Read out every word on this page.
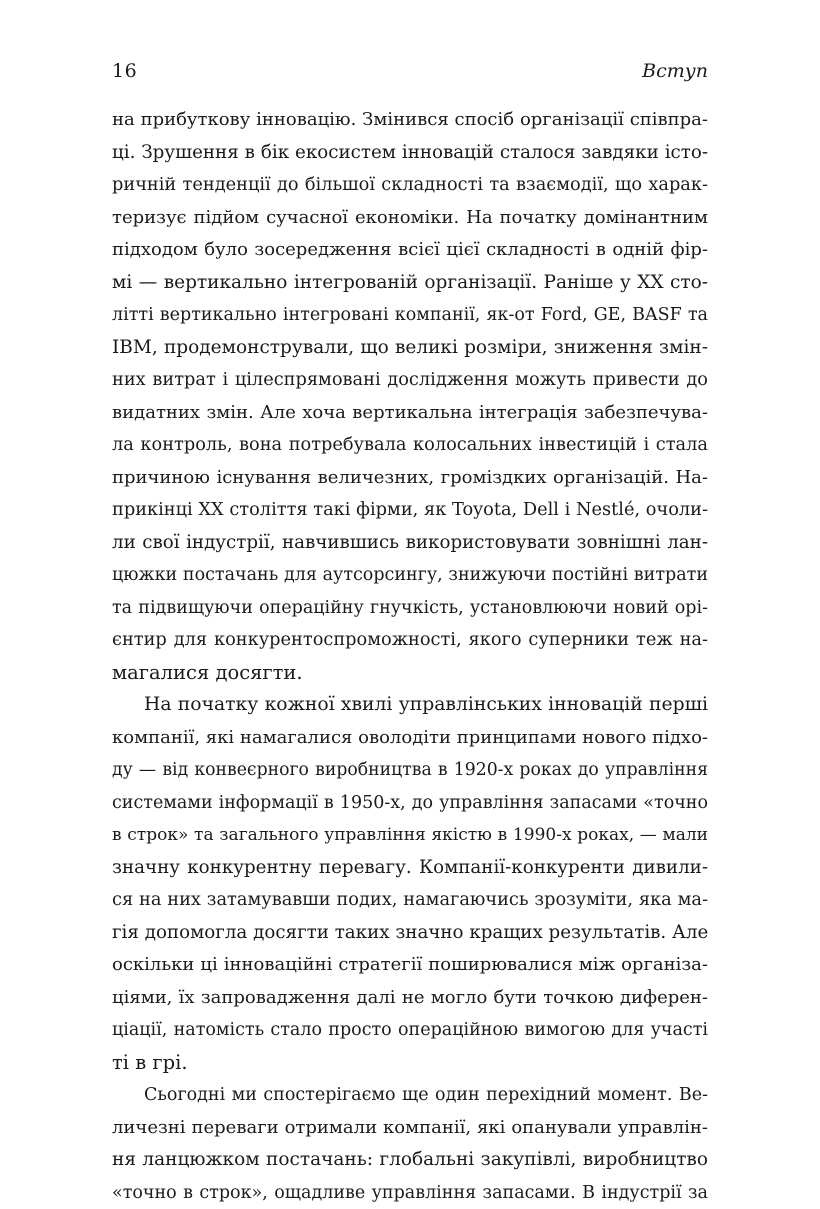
16	Вступ
на прибуткову інновацію. Змінився спосіб організації співпра-
ці. Зрушення в бік екосистем інновацій сталося завдяки істо-
ричній тенденції до більшої складності та взаємодії, що харак-
теризує підйом сучасної економіки. На початку домінантним
підходом було зосередження всієї цієї складності в одній фір-
мі — вертикально інтегрованій організації. Раніше у XX сто-
літті вертикально інтегровані компанії, як-от Ford, GE, BASF та
IBM, продемонстрували, що великі розміри, зниження змін-
них витрат і цілеспрямовані дослідження можуть привести до
видатних змін. Але хоча вертикальна інтеграція забезпечува-
ла контроль, вона потребувала колосальних інвестицій і стала
причиною існування величезних, громіздких організацій. На-
прикінці XX століття такі фірми, як Toyota, Dell і Nestlé, очоли-
ли свої індустрії, навчившись використовувати зовнішні лан-
цюжки постачань для аутсорсингу, знижуючи постійні витрати
та підвищуючи операційну гнучкість, установлюючи новий орі-
єнтир для конкурентоспроможності, якого суперники теж на-
магалися досягти.
На початку кожної хвилі управлінських інновацій перші
компанії, які намагалися оволодіти принципами нового підхо-
ду — від конвеєрного виробництва в 1920-х роках до управління
системами інформації в 1950-х, до управління запасами «точно
в строк» та загального управління якістю в 1990-х роках, — мали
значну конкурентну перевагу. Компанії-конкуренти дивили-
ся на них затамувавши подих, намагаючись зрозуміти, яка ма-
гія допомогла досягти таких значно кращих результатів. Але
оскільки ці інноваційні стратегії поширювалися між організа-
ціями, їх запровадження далі не могло бути точкою диферен-
ціації, натомість стало просто операційною вимогою для участі
ті в грі.
Сьогодні ми спостерігаємо ще один перехідний момент. Ве-
личезні переваги отримали компанії, які опанували управлін-
ня ланцюжком постачань: глобальні закупівлі, виробництво
«точно в строк», ощадливе управління запасами. В індустрії за
